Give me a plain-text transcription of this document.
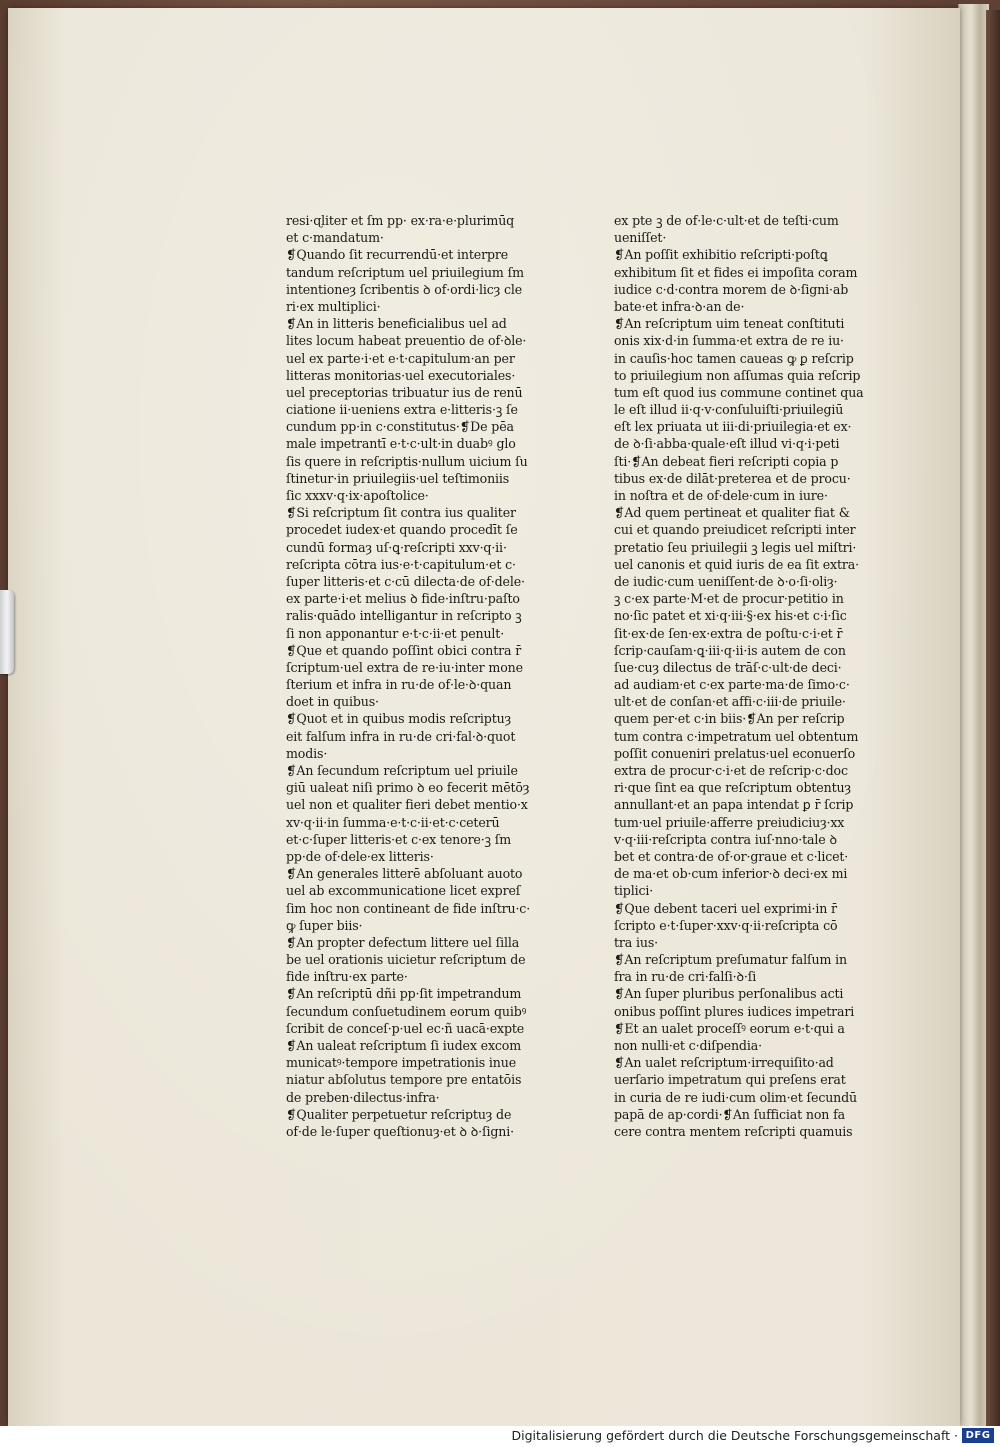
resi·ɋliter et ſm pp· ex·ra·e·plurimūq
et c·mandatum·
❡Quando ſit recurrendū·et interpre
tandum reſcriptum uel priuilegium ſm
intentioneȝ ſcribentis ꝺ of·ordi·licȝ cle
ri·ex multiplici·
❡An in litteris beneficialibus uel ad
lites locum habeat preuentio de of·ꝺle·
uel ex parte·i·et e·t·capitulum·an per
litteras monitorias·uel executoriales·
uel preceptorias tribuatur ius de renū
ciatione ii·ueniens extra e·litteris·ꝫ ſe
cundum pp·in c·constitutus·❡De pēa
male impetrantī e·t·c·ult·in duabꝰ glo
ſis quere in reſcriptis·nullum uicium ſu
ſtinetur·in priuilegiis·uel teſtimoniis
ſic xxxv·q·ix·apoſtolice·
❡Si reſcriptum ſit contra ius qualiter
procedet iudex·et quando procedīt ſe
cundū formaȝ uſ·ꝗ·reſcripti xxv·q·ii·
reſcripta cōtra ius·e·t·capitulum·et c·
ſuper litteris·et c·cū dilecta·de of·dele·
ex parte·i·et melius ꝺ fide·inſtru·paſto
ralis·quādo intelligantur in reſcripto ꝫ
ſi non apponantur e·t·c·ii·et penult·
❡Que et quando poſſint obici contra r̄
ſcriptum·uel extra de re·iu·inter mone
ſterium et infra in ru·de of·le·ꝺ·quan
doet in quibus·
❡Quot et in quibus modis reſcriptuȝ
eit falſum infra in ru·de cri·fal·ꝺ·quot
modis·
❡An ſecundum reſcriptum uel priuile
giū ualeat niſi primo ꝺ eo fecerit mētōȝ
uel non et qualiter fieri debet mentio·x
xv·q·ii·in ſumma·e·t·c·ii·et·c·ceterū
et·c·ſuper litteris·et c·ex tenore·ꝫ ſm
pp·de of·dele·ex litteris·
❡An generales litterē abſoluant auoto
uel ab excommunicatione licet expreſ
ſim hoc non contineant de fide inſtru·c·
ꝙ ſuper biis·
❡An propter defectum littere uel ſilla
be uel orationis uicietur reſcriptum de
fide inſtru·ex parte·
❡An reſcriptū dñi pp·ſit impetrandum
ſecundum conſuetudinem eorum quibꝰ
ſcribit de conceſ·p·uel ec·ñ uacā·expte
❡An ualeat reſcriptum ſi iudex excom
municatꝰ·tempore impetrationis inue
niatur abſolutus tempore pre entatōis
de preben·dilectus·infra·
❡Qualiter perpetuetur reſcriptuȝ de
of·de le·ſuper queſtionuȝ·et ꝺ ꝺ·ſigni·
ex pte ꝫ de of·le·c·ult·et de teſti·cum
ueniſſet·
❡An poſſit exhibitio reſcripti·poſtꝗ
exhibitum ſit et fides ei impoſita coram
iudice c·d·contra morem de ꝺ·ſigni·ab
bate·et infra·ꝺ·an de·
❡An reſcriptum uim teneat conſtituti
onis xix·d·in ſumma·et extra de re iu·
in cauſis·hoc tamen caueas ꝙ ꝑ reſcrip
to priuilegium non aſſumas quia reſcrip
tum eſt quod ius commune continet qua
le eſt illud ii·q·v·conſuluiſti·priuilegiū
eſt lex priuata ut iii·di·priuilegia·et ex·
de ꝺ·ſi·abba·quale·eſt illud vi·q·i·peti
ſti·❡An debeat fieri reſcripti copia p
tibus ex·de dilāt·preterea et de procu·
in noſtra et de of·dele·cum in iure·
❡Ad quem pertineat et qualiter fiat &
cui et quando preiudicet reſcripti inter
pretatio ſeu priuilegii ꝫ legis uel miſtri·
uel canonis et quid iuris de ea ſit extra·
de iudic·cum ueniſſent·de ꝺ·o·ſi·oliȝ·
ꝫ c·ex parte·M·et de procur·petitio in
no·ſic patet et xi·q·iii·§·ex his·et c·i·ſic
ſit·ex·de ſen·ex·extra de poſtu·c·i·et r̄
ſcrip·cauſam·ꝗ·iii·q·ii·is autem de con
ſue·cuȝ dilectus de trāſ·c·ult·de deci·
ad audiam·et c·ex parte·ma·de ſimo·c·
ult·et de conſan·et affi·c·iii·de priuile·
quem per·et c·in biis·❡An per reſcrip
tum contra c·impetratum uel obtentum
poſſit conueniri prelatus·uel econuerſo
extra de procur·c·i·et de reſcrip·c·doc
ri·que ſint ea que reſcriptum obtentuȝ
annullant·et an papa intendat ꝑ r̄ ſcrip
tum·uel priuile·afferre preiudiciuȝ·xx
v·q·iii·reſcripta contra iuſ·nno·tale ꝺ
bet et contra·de of·or·graue et c·licet·
de ma·et ob·cum inferior·ꝺ deci·ex mi
tiplici·
❡Que debent taceri uel exprimi·in r̄
ſcripto e·t·ſuper·xxv·q·ii·reſcripta cō
tra ius·
❡An reſcriptum preſumatur falſum in
fra in ru·de cri·falſi·ꝺ·ſi
❡An ſuper pluribus perſonalibus acti
onibus poſſint plures iudices impetrari
❡Et an ualet proceſſꝰ eorum e·t·qui a
non nulli·et c·diſpendia·
❡An ualet reſcriptum·irrequiſito·ad
uerſario impetratum qui preſens erat
in curia de re iudi·cum olim·et ſecundū
papā de ap·cordi·❡An ſufficiat non fa
cere contra mentem reſcripti quamuis
Digitalisierung gefördert durch die Deutsche Forschungsgemeinschaft · DFG
